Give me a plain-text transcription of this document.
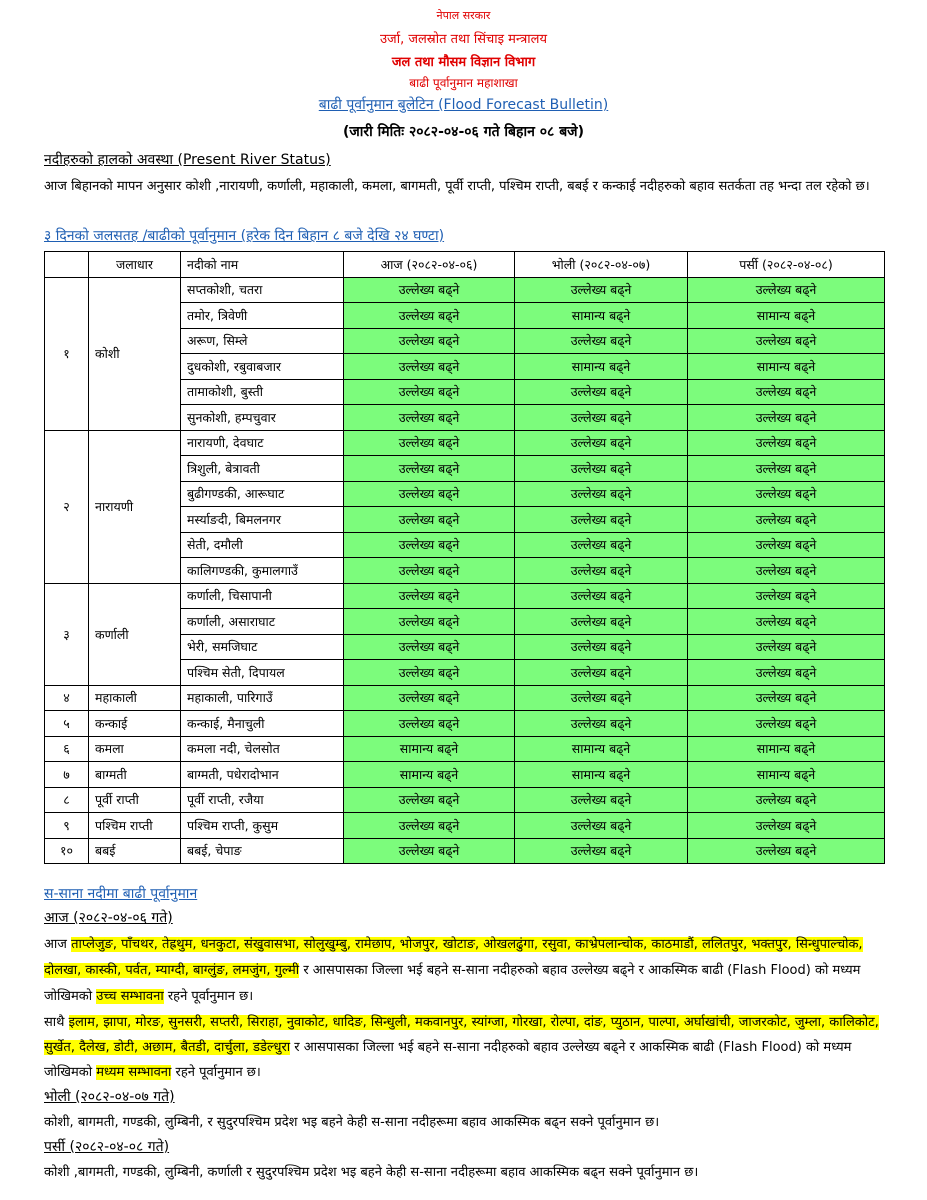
नेपाल सरकार
उर्जा, जलस्रोत तथा सिंचाइ मन्त्रालय
जल तथा मौसम विज्ञान विभाग
बाढी पूर्वानुमान महाशाखा
बाढी पूर्वानुमान बुलेटिन (Flood Forecast Bulletin)
(जारी मितिः २०८२-०४-०६ गते बिहान ०८ बजे)
नदीहरुको हालको अवस्था (Present River Status)
आज बिहानको मापन अनुसार कोशी ,नारायणी, कर्णाली, महाकाली, कमला, बागमती, पूर्वी राप्ती, पश्चिम राप्ती, बबई र कन्काई नदीहरुको बहाव सतर्कता तह भन्दा तल रहेको छ।
३ दिनको जलसतह /बाढीको पूर्वानुमान (हरेक दिन बिहान ८ बजे देखि २४ घण्टा)
	जलाधार	नदीको नाम	आज (२०८२-०४-०६)	भोली (२०८२-०४-०७)	पर्सी (२०८२-०४-०८)
१	कोशी	सप्तकोशी, चतरा	उल्लेख्य बढ्ने	उल्लेख्य बढ्ने	उल्लेख्य बढ्ने
		तमोर, त्रिवेणी	उल्लेख्य बढ्ने	सामान्य बढ्ने	सामान्य बढ्ने
		अरूण, सिम्ले	उल्लेख्य बढ्ने	उल्लेख्य बढ्ने	उल्लेख्य बढ्ने
		दुधकोशी, रबुवाबजार	उल्लेख्य बढ्ने	सामान्य बढ्ने	सामान्य बढ्ने
		तामाकोशी, बुस्ती	उल्लेख्य बढ्ने	उल्लेख्य बढ्ने	उल्लेख्य बढ्ने
		सुनकोशी, हम्पचुवार	उल्लेख्य बढ्ने	उल्लेख्य बढ्ने	उल्लेख्य बढ्ने
२	नारायणी	नारायणी, देवघाट	उल्लेख्य बढ्ने	उल्लेख्य बढ्ने	उल्लेख्य बढ्ने
		त्रिशुली, बेत्रावती	उल्लेख्य बढ्ने	उल्लेख्य बढ्ने	उल्लेख्य बढ्ने
		बुढीगण्डकी, आरूघाट	उल्लेख्य बढ्ने	उल्लेख्य बढ्ने	उल्लेख्य बढ्ने
		मर्स्याङदी, बिमलनगर	उल्लेख्य बढ्ने	उल्लेख्य बढ्ने	उल्लेख्य बढ्ने
		सेती, दमौली	उल्लेख्य बढ्ने	उल्लेख्य बढ्ने	उल्लेख्य बढ्ने
		कालिगण्डकी, कुमालगाउँ	उल्लेख्य बढ्ने	उल्लेख्य बढ्ने	उल्लेख्य बढ्ने
३	कर्णाली	कर्णाली, चिसापानी	उल्लेख्य बढ्ने	उल्लेख्य बढ्ने	उल्लेख्य बढ्ने
		कर्णाली, असाराघाट	उल्लेख्य बढ्ने	उल्लेख्य बढ्ने	उल्लेख्य बढ्ने
		भेरी, समजिघाट	उल्लेख्य बढ्ने	उल्लेख्य बढ्ने	उल्लेख्य बढ्ने
		पश्चिम सेती, दिपायल	उल्लेख्य बढ्ने	उल्लेख्य बढ्ने	उल्लेख्य बढ्ने
४	महाकाली	महाकाली, पारिगाउँ	उल्लेख्य बढ्ने	उल्लेख्य बढ्ने	उल्लेख्य बढ्ने
५	कन्काई	कन्काई, मैनाचुली	उल्लेख्य बढ्ने	उल्लेख्य बढ्ने	उल्लेख्य बढ्ने
६	कमला	कमला नदी, चेलसोत	सामान्य बढ्ने	सामान्य बढ्ने	सामान्य बढ्ने
७	बाग्मती	बाग्मती, पधेरादोभान	सामान्य बढ्ने	सामान्य बढ्ने	सामान्य बढ्ने
८	पूर्वी राप्ती	पूर्वी राप्ती, रजैया	उल्लेख्य बढ्ने	उल्लेख्य बढ्ने	उल्लेख्य बढ्ने
९	पश्चिम राप्ती	पश्चिम राप्ती, कुसुम	उल्लेख्य बढ्ने	उल्लेख्य बढ्ने	उल्लेख्य बढ्ने
१०	बबई	बबई, चेपाङ	उल्लेख्य बढ्ने	उल्लेख्य बढ्ने	उल्लेख्य बढ्ने
स-साना नदीमा बाढी पूर्वानुमान
आज (२०८२-०४-०६ गते)
आज ताप्लेजुङ, पाँचथर, तेह्रथुम, धनकुटा, संखुवासभा, सोलुखुम्बु, रामेछाप, भोजपुर, खोटाङ, ओखलढुंगा, रसुवा, काभ्रेपलान्चोक, काठमाडौं, ललितपुर, भक्तपुर, सिन्धुपाल्चोक, दोलखा, कास्की, पर्वत, म्याग्दी, बाग्लुंङ, लमजुंग, गुल्मी र आसपासका जिल्ला भई बहने स-साना नदीहरुको बहाव उल्लेख्य बढ्ने र आकस्मिक बाढी (Flash Flood) को मध्यम जोखिमको उच्च सम्भावना रहने पूर्वानुमान छ।
साथै इलाम, झापा, मोरङ, सुनसरी, सप्तरी, सिराहा, नुवाकोट, धादिङ, सिन्धुली, मकवानपुर, स्यांग्जा, गोरखा, रोल्पा, दांङ, प्युठान, पाल्पा, अर्घाखांची, जाजरकोट, जुम्ला, कालिकोट, सुर्खेत, दैलेख, डोटी, अछाम, बैतडी, दार्चुला, डडेल्धुरा र आसपासका जिल्ला भई बहने स-साना नदीहरुको बहाव उल्लेख्य बढ्ने र आकस्मिक बाढी (Flash Flood) को मध्यम जोखिमको मध्यम सम्भावना रहने पूर्वानुमान छ।
भोली (२०८२-०४-०७ गते)
कोशी, बागमती, गण्डकी, लुम्बिनी, र सुदुरपश्चिम प्रदेश भइ बहने केही स-साना नदीहरूमा बहाव आकस्मिक बढ्न सक्ने पूर्वानुमान छ।
पर्सी (२०८२-०४-०८ गते)
कोशी ,बागमती, गण्डकी, लुम्बिनी, कर्णाली र सुदुरपश्चिम प्रदेश भइ बहने केही स-साना नदीहरूमा बहाव आकस्मिक बढ्न सक्ने पूर्वानुमान छ।
